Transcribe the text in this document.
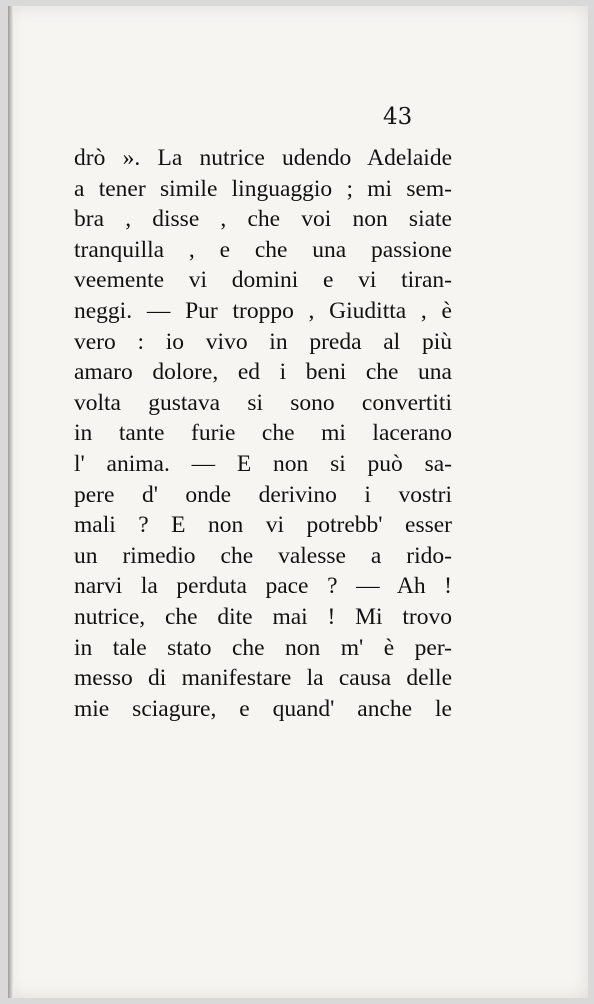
43
drò ». La nutrice udendo Adelaide
a tener simile linguaggio ; mi sem-
bra , disse , che voi non siate
tranquilla , e che una passione
veemente vi domini e vi tiran-
neggi. — Pur troppo , Giuditta , è
vero : io vivo in preda al più
amaro dolore, ed i beni che una
volta gustava si sono convertiti
in tante furie che mi lacerano
l' anima. — E non si può sa-
pere d' onde derivino i vostri
mali ? E non vi potrebb' esser
un rimedio che valesse a rido-
narvi la perduta pace ? — Ah !
nutrice, che dite mai ! Mi trovo
in tale stato che non m' è per-
messo di manifestare la causa delle
mie sciagure, e quand' anche le
